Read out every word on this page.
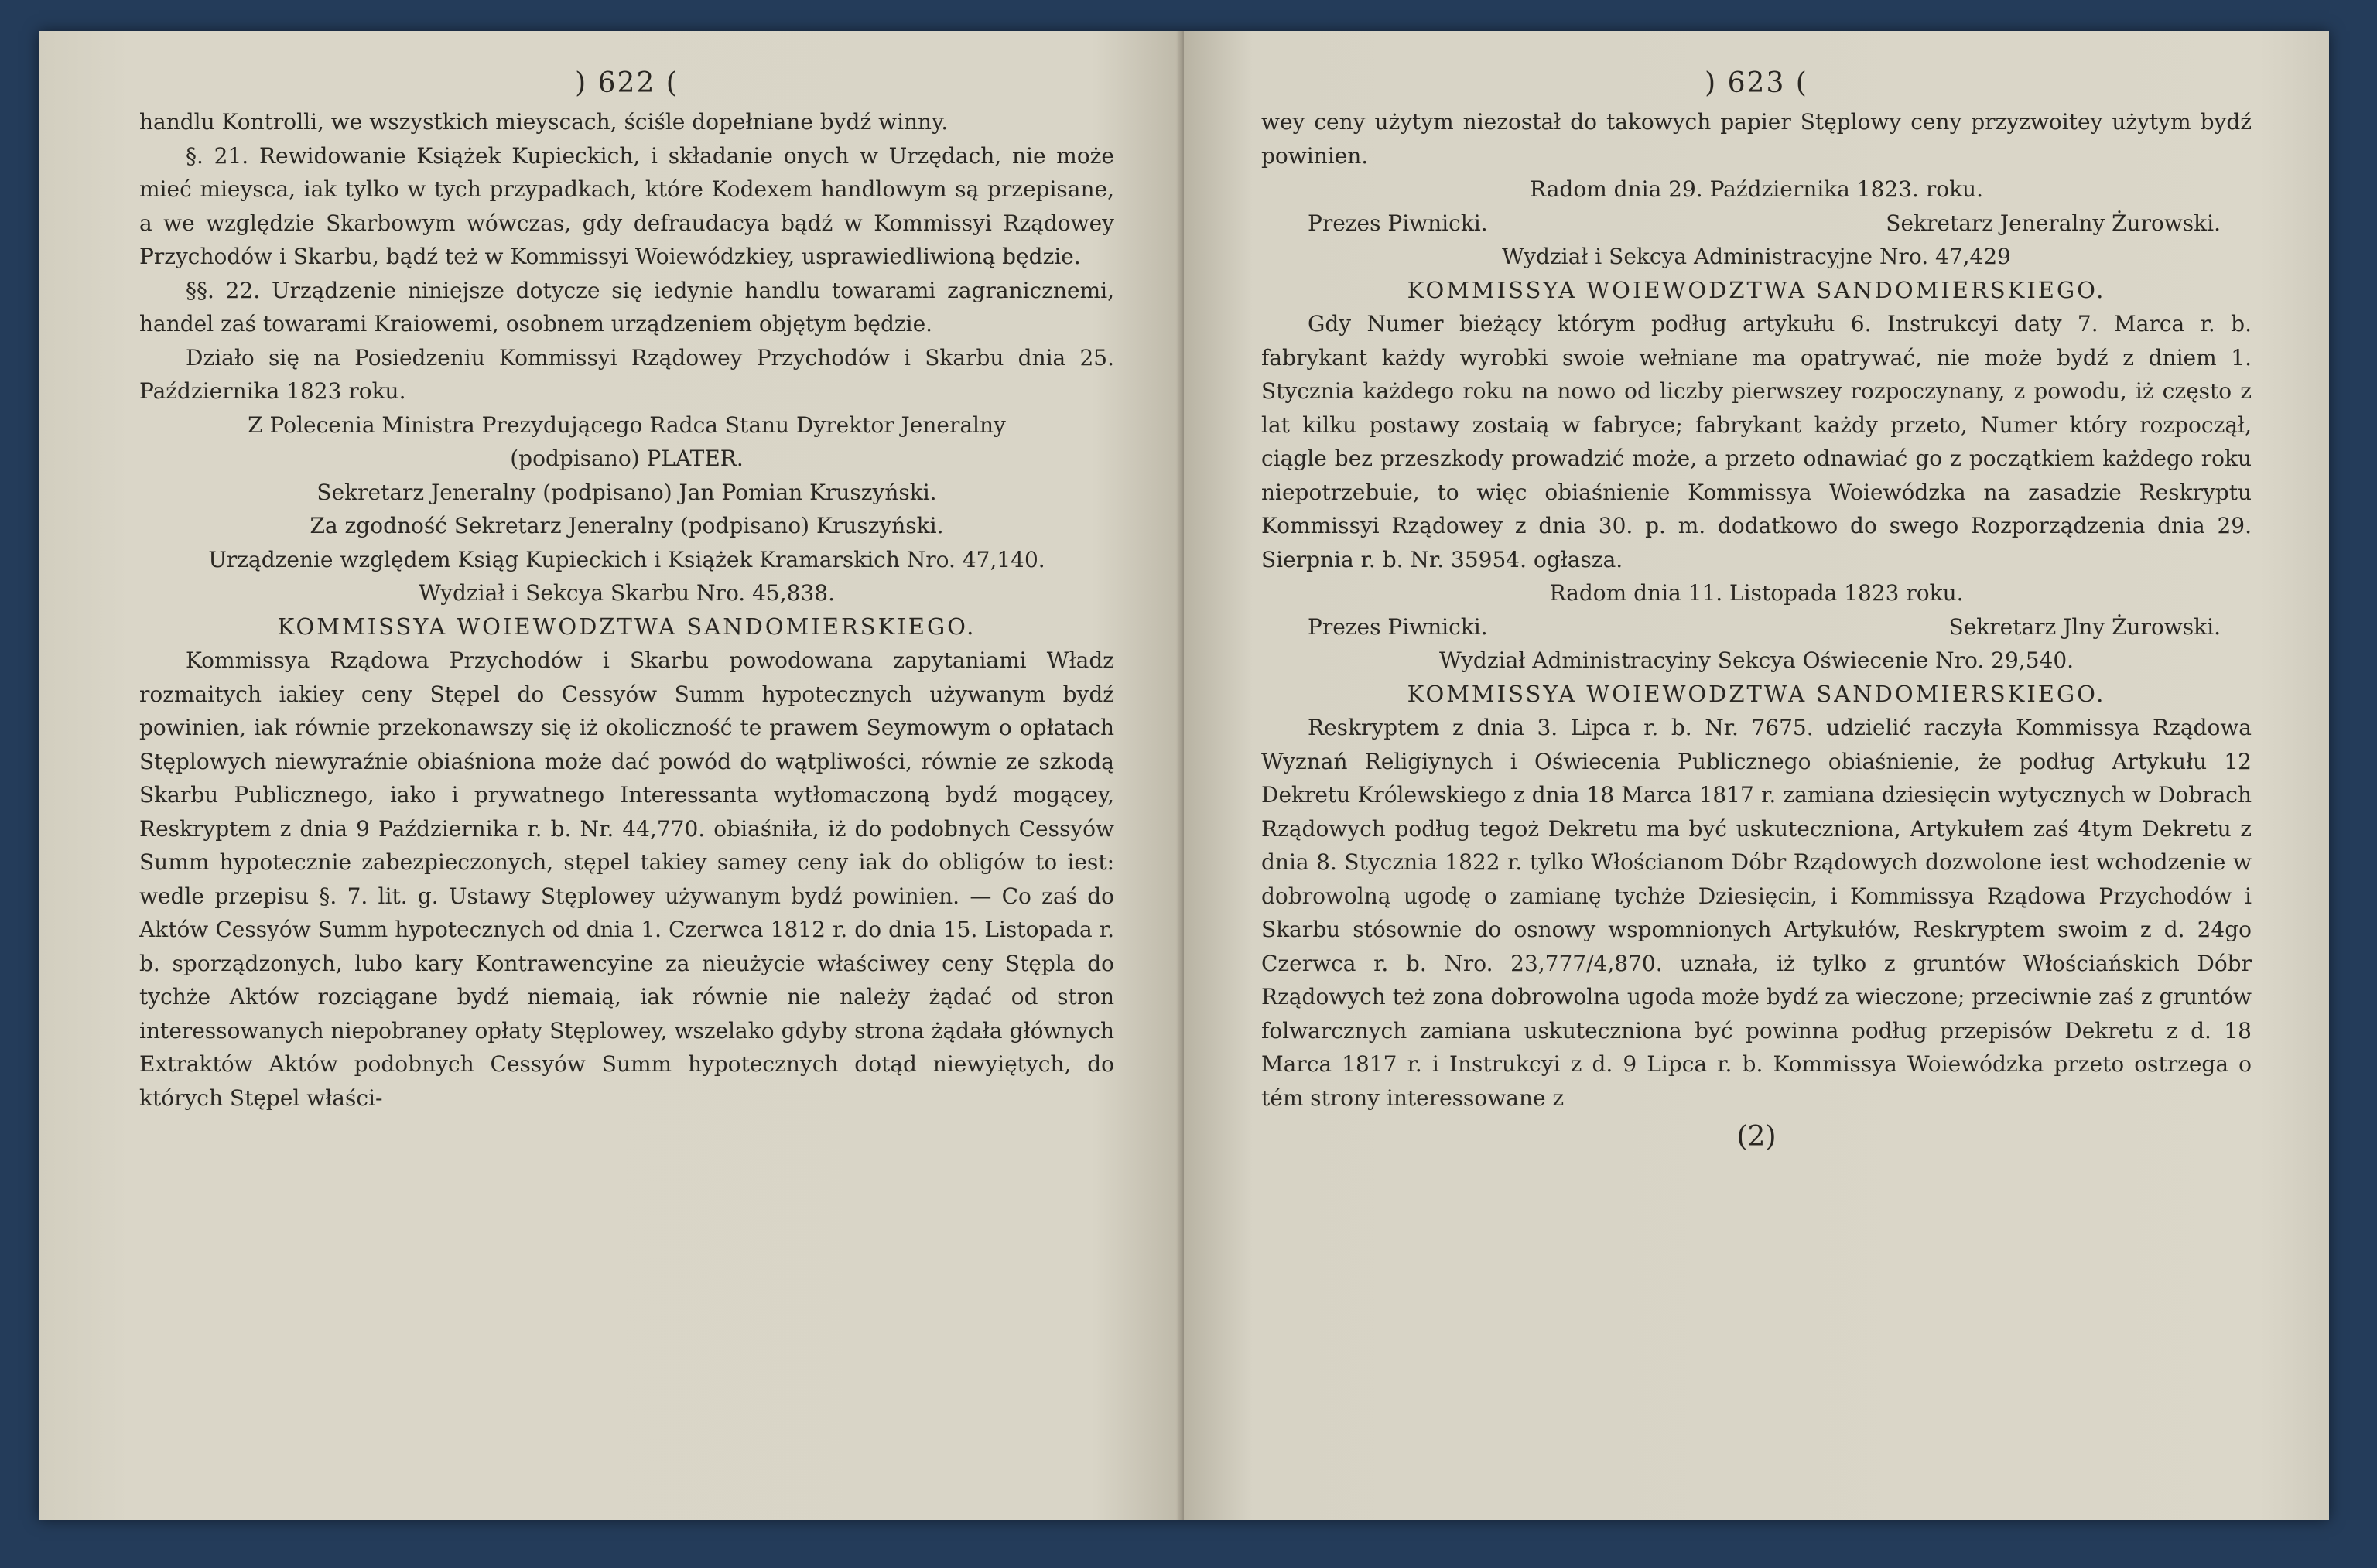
) 622 (

handlu Kontrolli, we wszystkich mieyscach, ściśle dopełniane bydź winny.

§. 21. Rewidowanie Książek Kupieckich, i składanie onych w Urzędach, nie może mieć mieysca, iak tylko w tych przypadkach, które Kodexem handlowym są przepisane, a we względzie Skarbowym wówczas, gdy defraudacya bądź w Kommissyi Rządowey Przychodów i Skarbu, bądź też w Kommissyi Woiewódzkiey, usprawiedliwioną będzie.

§§. 22. Urządzenie niniejsze dotycze się iedynie handlu towarami zagranicznemi, handel zaś towarami Kraiowemi, osobnem urządzeniem objętym będzie.

Działo się na Posiedzeniu Kommissyi Rządowey Przychodów i Skarbu dnia 25. Października 1823 roku.

Z Polecenia Ministra Prezydującego Radca Stanu Dyrektor Jeneralny

(podpisano) PLATER.

Sekretarz Jeneralny (podpisano) Jan Pomian Kruszyński.

Za zgodność Sekretarz Jeneralny (podpisano) Kruszyński.

Urządzenie względem Ksiąg Kupieckich i Książek Kramarskich Nro. 47,140.

Wydział i Sekcya Skarbu Nro. 45,838.

KOMMISSYA WOIEWODZTWA SANDOMIERSKIEGO.

Kommissya Rządowa Przychodów i Skarbu powodowana zapytaniami Władz rozmaitych iakiey ceny Stępel do Cessyów Summ hypotecznych używanym bydź powinien, iak równie przekonawszy się iż okoliczność te prawem Seymowym o opłatach Stęplowych niewyraźnie obiaśniona może dać powód do wątpliwości, równie ze szkodą Skarbu Publicznego, iako i prywatnego Interessanta wytłomaczoną bydź mogącey, Reskryptem z dnia 9 Października r. b. Nr. 44,770. obiaśniła, iż do podobnych Cessyów Summ hypotecznie zabezpieczonych, stępel takiey samey ceny iak do obligów to iest: wedle przepisu §. 7. lit. g. Ustawy Stęplowey używanym bydź powinien. — Co zaś do Aktów Cessyów Summ hypotecznych od dnia 1. Czerwca 1812 r. do dnia 15. Listopada r. b. sporządzonych, lubo kary Kontrawencyine za nieużycie właściwey ceny Stępla do tychże Aktów rozciągane bydź niemaią, iak równie nie należy żądać od stron interessowanych niepobraney opłaty Stęplowey, wszelako gdyby strona żądała głównych Extraktów Aktów podobnych Cessyów Summ hypotecznych dotąd niewyiętych, do których Stępel właści-

) 623 (

wey ceny użytym niezostał do takowych papier Stęplowy ceny przyzwoitey użytym bydź powinien.

Radom dnia 29. Października 1823. roku.

Prezes Piwnicki.	Sekretarz Jeneralny Żurowski.

Wydział i Sekcya Administracyjne Nro. 47,429

KOMMISSYA WOIEWODZTWA SANDOMIERSKIEGO.

Gdy Numer bieżący którym podług artykułu 6. Instrukcyi daty 7. Marca r. b. fabrykant każdy wyrobki swoie wełniane ma opatrywać, nie może bydź z dniem 1. Stycznia każdego roku na nowo od liczby pierwszey rozpoczynany, z powodu, iż często z lat kilku postawy zostaią w fabryce; fabrykant każdy przeto, Numer który rozpoczął, ciągle bez przeszkody prowadzić może, a przeto odnawiać go z początkiem każdego roku niepotrzebuie, to więc obiaśnienie Kommissya Woiewódzka na zasadzie Reskryptu Kommissyi Rządowey z dnia 30. p. m. dodatkowo do swego Rozporządzenia dnia 29. Sierpnia r. b. Nr. 35954. ogłasza.

Radom dnia 11. Listopada 1823 roku.

Prezes Piwnicki.	Sekretarz Jlny Żurowski.

Wydział Administracyiny Sekcya Oświecenie Nro. 29,540.

KOMMISSYA WOIEWODZTWA SANDOMIERSKIEGO.

Reskryptem z dnia 3. Lipca r. b. Nr. 7675. udzielić raczyła Kommissya Rządowa Wyznań Religiynych i Oświecenia Publicznego obiaśnienie, że podług Artykułu 12 Dekretu Królewskiego z dnia 18 Marca 1817 r. zamiana dziesięcin wytycznych w Dobrach Rządowych podług tegoż Dekretu ma być uskuteczniona, Artykułem zaś 4tym Dekretu z dnia 8. Stycznia 1822 r. tylko Włościanom Dóbr Rządowych dozwolone iest wchodzenie w dobrowolną ugodę o zamianę tychże Dziesięcin, i Kommissya Rządowa Przychodów i Skarbu stósownie do osnowy wspomnionych Artykułów, Reskryptem swoim z d. 24go Czerwca r. b. Nro. 23,777/4,870. uznała, iż tylko z gruntów Włościańskich Dóbr Rządowych też zona dobrowolna ugoda może bydź za wieczone; przeciwnie zaś z gruntów folwarcznych zamiana uskuteczniona być powinna podług przepisów Dekretu z d. 18 Marca 1817 r. i Instrukcyi z d. 9 Lipca r. b. Kommissya Woiewódzka przeto ostrzega o tém strony interessowane z

(2)
